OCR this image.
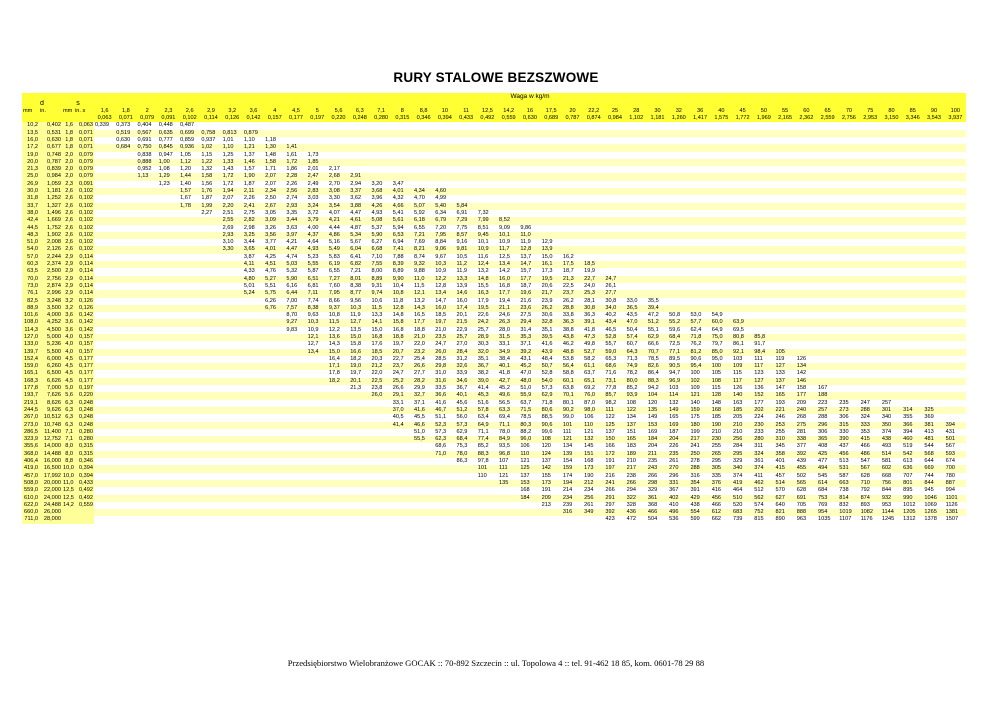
RURY STALOWE BEZSZWOWE
				Waga w kg/m																																								
d		s																																										
mm	in.	mm	in. s	1,6	1,8	2	2,3	2,6	2,9	3,2	3,6	4	4,5	5	5,6	6,3	7,1	8	8,8	10	11	12,5	14,2	16	17,5	20	22,2	25	28	30	32	36	40	45	50	55	60	65	70	75	80	85	90	100
				0,063	0,071	0,079	0,091	0,102	0,114	0,126	0,142	0,157	0,177	0,197	0,220	0,248	0,280	0,315	0,346	0,394	0,433	0,492	0,559	0,630	0,689	0,787	0,874	0,984	1,102	1,181	1,260	1,417	1,575	1,772	1,969	2,165	2,362	2,559	2,756	2,953	3,150	3,346	3,543	3,937
10,2	0,402	1,6	0,063	0,339	0,373	0,404	0,448	0,487																																				
13,5	0,531	1,8	0,071		0,519	0,567	0,635	0,699	0,758	0,813	0,879																																	
16,0	0,630	1,8	0,071		0,630	0,691	0,777	0,859	0,937	1,01	1,10	1,18																																
17,2	0,677	1,8	0,071		0,684	0,750	0,845	0,936	1,02	1,10	1,21	1,30	1,41																															
19,0	0,748	2,0	0,079			0,838	0,947	1,05	1,15	1,25	1,37	1,48	1,61	1,73																														
20,0	0,787	2,0	0,079			0,888	1,00	1,12	1,22	1,33	1,46	1,58	1,72	1,85																														
21,3	0,839	2,0	0,079			0,952	1,08	1,20	1,32	1,43	1,57	1,71	1,86	2,01	2,17																													
25,0	0,984	2,0	0,079			1,13	1,29	1,44	1,58	1,72	1,90	2,07	2,28	2,47	2,68	2,91																												
26,9	1,059	2,3	0,091				1,23	1,40	1,56	1,72	1,87	2,07	2,26	2,49	2,70	2,94	3,20	3,47																										
30,0	1,181	2,6	0,102					1,57	1,76	1,94	2,11	2,34	2,56	2,83	3,08	3,37	3,68	4,01	4,34	4,60																								
31,8	1,252	2,6	0,102					1,67	1,87	2,07	2,26	2,50	2,74	3,03	3,30	3,62	3,96	4,32	4,70	4,99																								
33,7	1,327	2,6	0,102					1,78	1,99	2,20	2,41	2,67	2,93	3,24	3,54	3,88	4,26	4,66	5,07	5,40	5,84																							
38,0	1,496	2,6	0,102						2,27	2,51	2,75	3,05	3,35	3,72	4,07	4,47	4,93	5,41	5,92	6,34	6,91	7,32																						
42,4	1,669	2,6	0,102							2,55	2,82	3,09	3,44	3,79	4,21	4,61	5,08	5,61	6,18	6,79	7,29	7,99	8,52																					
44,5	1,752	2,6	0,102							2,69	2,98	3,26	3,63	4,00	4,44	4,87	5,37	5,94	6,55	7,20	7,75	8,51	9,09	9,86																				
48,3	1,902	2,6	0,102							2,93	3,25	3,56	3,97	4,37	4,86	5,34	5,90	6,53	7,21	7,95	8,57	9,45	10,1	11,0																				
51,0	2,008	2,6	0,102							3,10	3,44	3,77	4,21	4,64	5,16	5,67	6,27	6,94	7,69	8,84	9,16	10,1	10,9	11,9	12,9																			
54,0	2,126	2,6	0,102							3,30	3,65	4,01	4,47	4,93	5,49	6,04	6,68	7,41	8,21	9,06	9,81	10,9	11,7	12,8	13,9																			
57,0	2,244	2,9	0,114								3,87	4,25	4,74	5,23	5,83	6,41	7,10	7,88	8,74	9,67	10,5	11,6	12,5	13,7	15,0	16,2																		
60,3	2,374	2,9	0,114								4,11	4,51	5,03	5,55	6,19	6,82	7,55	8,39	9,32	10,3	11,2	12,4	13,4	14,7	16,1	17,5	18,5																	
63,5	2,500	2,9	0,114								4,33	4,76	5,32	5,87	6,55	7,21	8,00	8,89	9,88	10,9	11,9	13,2	14,2	15,7	17,3	18,7	19,9																	
70,0	2,756	2,9	0,114								4,80	5,27	5,90	6,51	7,27	8,01	8,89	9,90	11,0	12,2	13,3	14,8	16,0	17,7	19,5	21,3	22,7	24,7																
73,0	2,874	2,9	0,114								5,01	5,51	6,16	6,81	7,60	8,38	9,31	10,4	11,5	12,8	13,9	15,5	16,8	18,7	20,6	22,5	24,0	26,1																
76,1	2,996	2,9	0,114								5,24	5,75	6,44	7,11	7,95	8,77	9,74	10,8	12,1	13,4	14,6	16,3	17,7	19,6	21,7	23,7	25,3	27,7																
82,5	3,248	3,2	0,126									6,26	7,00	7,74	8,66	9,56	10,6	11,8	13,2	14,7	16,0	17,9	19,4	21,6	23,9	26,2	28,1	30,8	33,0	35,5														
88,9	3,500	3,2	0,126									6,76	7,57	8,38	9,37	10,3	11,5	12,8	14,3	16,0	17,4	19,5	21,1	23,6	26,2	28,8	30,8	34,0	36,5	39,4														
101,6	4,000	3,6	0,142										8,70	9,63	10,8	11,9	13,3	14,8	16,5	18,5	20,1	22,6	24,6	27,5	30,6	33,8	36,3	40,2	43,5	47,2	50,8	53,0	54,9											
108,0	4,252	3,6	0,142										9,27	10,3	11,5	12,7	14,1	15,8	17,7	19,7	21,5	24,2	26,3	29,4	32,8	36,3	39,1	43,4	47,0	51,2	55,2	57,7	60,0	63,9										
114,3	4,500	3,6	0,142										9,83	10,9	12,2	13,5	15,0	16,8	18,8	21,0	22,9	25,7	28,0	31,4	35,1	38,8	41,8	46,5	50,4	55,1	59,6	62,4	64,9	69,5										
127,0	5,000	4,0	0,157											12,1	13,6	15,0	16,8	18,8	21,0	23,5	25,7	28,9	31,5	35,3	39,5	43,8	47,3	52,8	57,4	62,9	68,4	71,8	75,0	80,8	85,8									
133,0	5,236	4,0	0,157											12,7	14,3	15,8	17,6	19,7	22,0	24,7	27,0	30,3	33,1	37,1	41,6	46,2	49,8	55,7	60,7	66,6	72,5	76,2	79,7	86,1	91,7									
139,7	5,500	4,0	0,157											13,4	15,0	16,6	18,5	20,7	23,2	26,0	28,4	32,0	34,9	39,2	43,9	48,8	52,7	59,0	64,3	70,7	77,1	81,2	85,0	92,1	98,4	105								
152,4	6,000	4,5	0,177												16,4	18,2	20,3	22,7	25,4	28,5	31,2	35,1	38,4	43,1	48,4	53,8	58,2	65,3	71,3	78,5	89,5	90,6	95,0	103	111	119	126							
159,0	6,260	4,5	0,177												17,1	19,0	21,2	23,7	26,6	29,8	32,6	36,7	40,1	45,2	50,7	56,4	61,1	68,6	74,9	82,6	90,5	95,4	100	109	117	127	134							
165,1	6,500	4,5	0,177												17,8	19,7	22,0	24,7	27,7	31,0	33,9	38,2	41,8	47,0	52,8	58,8	63,7	71,6	78,2	86,4	94,7	100	105	115	123	133	142							
168,3	6,626	4,5	0,177												18,2	20,1	22,5	25,2	28,2	31,6	34,6	39,0	42,7	48,0	54,0	60,1	65,1	73,1	80,0	88,3	96,9	102	108	117	127	137	146							
177,8	7,000	5,0	0,197													21,3	23,8	26,6	29,9	33,5	36,7	41,4	45,2	51,0	57,3	63,8	69,2	77,8	85,2	94,2	103	109	115	126	136	147	158	167						
193,7	7,626	5,6	0,220														26,0	29,1	32,7	36,6	40,1	45,3	49,6	55,9	62,9	70,1	76,0	85,7	93,9	104	114	121	128	140	152	165	177	188						
219,1	8,626	6,3	0,248															33,1	37,1	41,6	45,6	51,6	56,5	63,7	71,8	80,1	87,0	98,2	108	120	132	140	148	163	177	193	209	223	235	247	257			
244,5	9,626	6,3	0,248															37,0	41,6	46,7	51,2	57,8	63,3	71,5	80,6	90,2	98,0	111	122	135	149	159	168	185	202	221	240	257	273	288	301	314	325	
267,0	10,512	6,3	0,248															40,5	45,5	51,1	56,0	63,4	69,4	78,5	88,5	99,0	106	122	134	149	165	175	185	205	224	246	268	288	306	324	340	355	369	
273,0	10,748	6,3	0,248															41,4	46,6	52,3	57,3	64,9	71,1	80,3	90,6	101	110	125	137	153	169	180	190	210	230	253	275	296	315	333	350	366	381	394
286,5	11,400	7,1	0,280																51,0	57,3	62,9	71,1	78,0	88,2	99,6	111	121	137	151	169	187	199	210	210	233	255	281	306	330	353	374	394	413	431
323,9	12,752	7,1	0,280																55,5	62,3	68,4	77,4	84,9	96,0	108	121	132	150	165	184	204	217	230	256	280	310	338	365	390	415	438	460	481	501
355,6	14,000	8,0	0,315																	68,6	75,3	85,2	93,5	106	120	134	145	166	183	204	226	241	255	284	311	345	377	408	437	466	493	519	544	567
368,0	14,488	8,0	0,315																	71,0	78,0	88,3	96,8	110	124	139	151	172	189	211	235	250	265	295	324	358	392	425	456	486	514	542	568	593
406,4	16,000	8,8	0,346																		86,3	97,8	107	121	137	154	168	191	210	235	261	278	295	329	361	401	439	477	513	547	581	613	644	674
419,0	16,500	10,0	0,394																			101	111	125	142	159	173	197	217	243	270	288	305	340	374	415	455	494	531	567	602	636	669	700
457,0	17,992	10,0	0,394																			110	121	137	155	174	190	216	238	266	296	316	335	374	411	457	502	545	587	628	668	707	744	780
508,0	20,000	11,0	0,433																				135	153	173	194	212	241	266	298	331	354	376	419	462	514	565	614	663	710	756	801	844	887
559,0	22,000	12,5	0,492																					168	191	214	234	266	294	329	367	391	416	464	512	570	628	684	738	792	844	895	945	994
610,0	24,000	12,5	0,492																					184	209	234	256	291	322	361	402	429	456	510	562	627	691	753	814	874	932	990	1046	1101
622,0	24,488	14,2	0,559																						213	239	261	297	328	368	410	438	466	520	574	640	705	769	832	893	953	1012	1069	1126
660,0	26,000																									316	349	392	436	466	496	554	612	683	752	821	888	954	1019	1082	1144	1205	1265	1381
711,0	28,000																											423	472	504	536	599	662	739	815	890	963	1035	1107	1176	1245	1312	1378	1507
Przedsiębiorstwo Wielobranżowe GOCAK :: 70-892 Szczecin :: ul. Topolowa 4 :: tel. 91-462 18 85, kom. 0601-78 29 88
